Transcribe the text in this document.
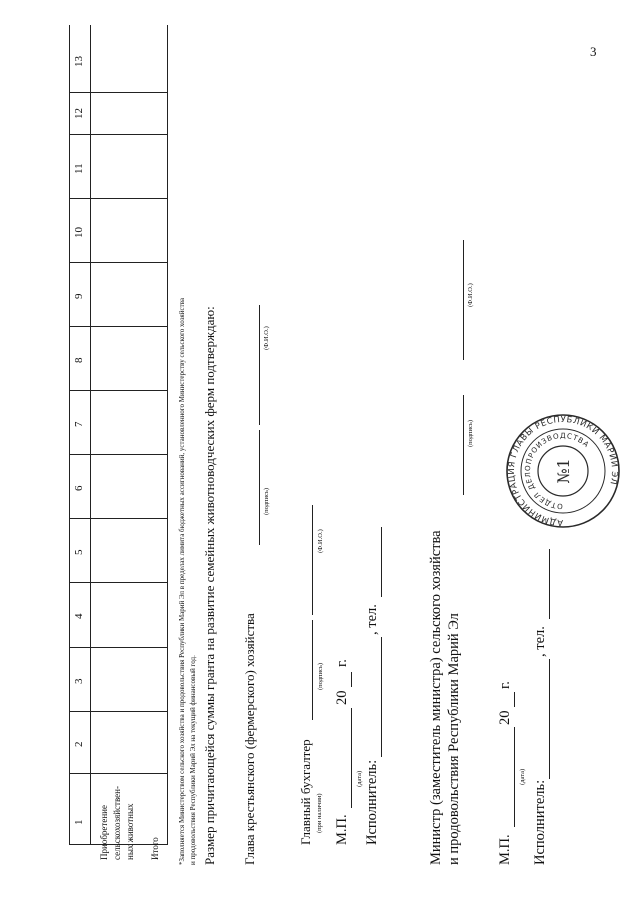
3
1
2
3
4
5
6
7
8
9
10
11
12
13
Приобретение сельскохозяйствен- ных животных Итого	*Заполняется Министерством сельского хозяйства и продовольствия Республики Марий Эл в пределах лимита бюджетных ассигнований, установленного Министерству сельского хозяйства и продовольствия Республики Марий Эл на текущий финансовый год. Размер причитающейся суммы гранта на развитие семейных животноводческих ферм подтверждаю: Глава крестьянского (фермерского) хозяйства
(подпись)
(Ф.И.О.)
Главный бухгалтер (при наличии)
(подпись)
(Ф.И.О.)
М.П.
(дата)
20
г.
Исполнитель:
, тел.	Министр (заместитель министра) сельского хозяйства и продовольствия Республики Марий Эл
(подпись)
(Ф.И.О.)
М.П.
(дата)
20
г.
Исполнитель:
, тел.
АДМИНИСТРАЦИЯ ГЛАВЫ РЕСПУБЛИКИ МАРИЙ ЭЛ
ОТДЕЛ ДЕЛОПРОИЗВОДСТВА
№1
